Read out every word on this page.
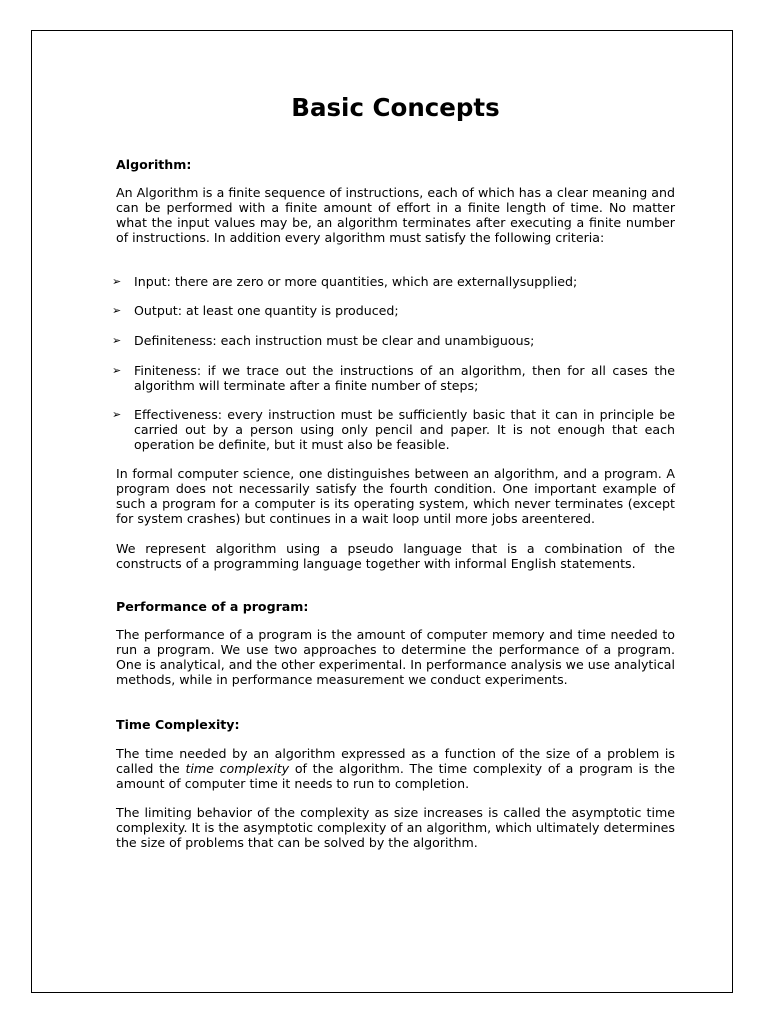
Basic Concepts
Algorithm:

An Algorithm is a finite sequence of instructions, each of which has a clear meaning and can be performed with a finite amount of effort in a finite length of time. No matter what the input values may be, an algorithm terminates after executing a finite number of instructions. In addition every algorithm must satisfy the following criteria:

➢

Input: there are zero or more quantities, which are externallysupplied;

➢

Output: at least one quantity is produced;

➢

Definiteness: each instruction must be clear and unambiguous;

➢

Finiteness: if we trace out the instructions of an algorithm, then for all cases the algorithm will terminate after a finite number of steps;

➢

Effectiveness: every instruction must be sufficiently basic that it can in principle be carried out by a person using only pencil and paper. It is not enough that each operation be definite, but it must also be feasible.

In formal computer science, one distinguishes between an algorithm, and a program. A program does not necessarily satisfy the fourth condition. One important example of such a program for a computer is its operating system, which never terminates (except for system crashes) but continues in a wait loop until more jobs areentered.

We represent algorithm using a pseudo language that is a combination of the constructs of a programming language together with informal English statements.

Performance of a program:

The performance of a program is the amount of computer memory and time needed to run a program. We use two approaches to determine the performance of a program. One is analytical, and the other experimental. In performance analysis we use analytical methods, while in performance measurement we conduct experiments.

Time Complexity:

The time needed by an algorithm expressed as a function of the size of a problem is called the time complexity of the algorithm. The time complexity of a program is the amount of computer time it needs to run to completion.

The limiting behavior of the complexity as size increases is called the asymptotic time complexity. It is the asymptotic complexity of an algorithm, which ultimately determines the size of problems that can be solved by the algorithm.
